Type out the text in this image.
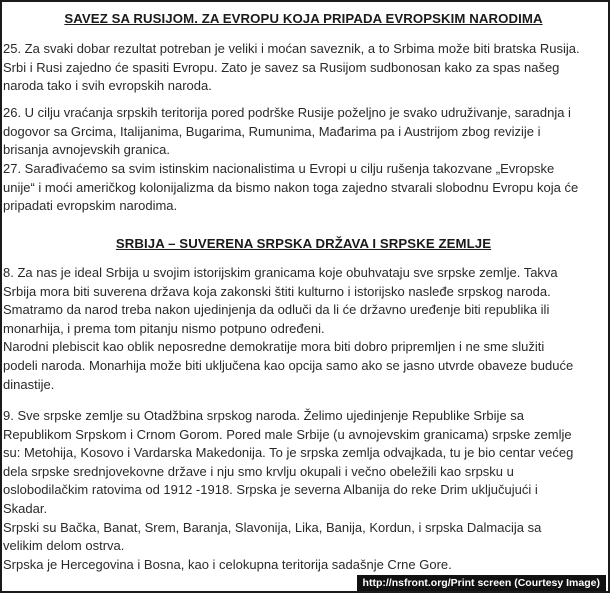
SAVEZ SA RUSIJOM. ZA EVROPU KOJA PRIPADA EVROPSKIM NARODIMA

25. Za svaki dobar rezultat potreban je veliki i moćan saveznik, a to Srbima može biti bratska Rusija.
Srbi i Rusi zajedno će spasiti Evropu. Zato je savez sa Rusijom sudbonosan kako za spas našeg
naroda tako i svih evropskih naroda.

26. U cilju vraćanja srpskih teritorija pored podrške Rusije poželjno je svako udruživanje, saradnja i
dogovor sa Grcima, Italijanima, Bugarima, Rumunima, Mađarima pa i Austrijom zbog revizije i
brisanja avnojevskih granica.

27. Sarađivaćemo sa svim istinskim nacionalistima u Evropi u cilju rušenja takozvane „Evropske
unije“ i moći američkog kolonijalizma da bismo nakon toga zajedno stvarali slobodnu Evropu koja će
pripadati evropskim narodima.

SRBIJA – SUVERENA SRPSKA DRŽAVA I SRPSKE ZEMLJE

8. Za nas je ideal Srbija u svojim istorijskim granicama koje obuhvataju sve srpske zemlje. Takva
Srbija mora biti suverena država koja zakonski štiti kulturno i istorijsko nasleđe srpskog naroda.
Smatramo da narod treba nakon ujedinjenja da odluči da li će državno uređenje biti republika ili
monarhija, i prema tom pitanju nismo potpuno određeni.
Narodni plebiscit kao oblik neposredne demokratije mora biti dobro pripremljen i ne sme služiti
podeli naroda. Monarhija može biti uključena kao opcija samo ako se jasno utvrde obaveze buduće
dinastije.

9. Sve srpske zemlje su Otadžbina srpskog naroda. Želimo ujedinjenje Republike Srbije sa
Republikom Srpskom i Crnom Gorom. Pored male Srbije (u avnojevskim granicama) srpske zemlje
su: Metohija, Kosovo i Vardarska Makedonija. To je srpska zemlja odvajkada, tu je bio centar većeg
dela srpske srednjovekovne države i nju smo krvlju okupali i večno obeležili kao srpsku u
oslobodilačkim ratovima od 1912 -1918. Srpska je severna Albanija do reke Drim uključujući i
Skadar.
Srpski su Bačka, Banat, Srem, Baranja, Slavonija, Lika, Banija, Kordun, i srpska Dalmacija sa
velikim delom ostrva.
Srpska je Hercegovina i Bosna, kao i celokupna teritorija sadašnje Crne Gore.

http://nsfront.org/Print screen (Courtesy Image)
